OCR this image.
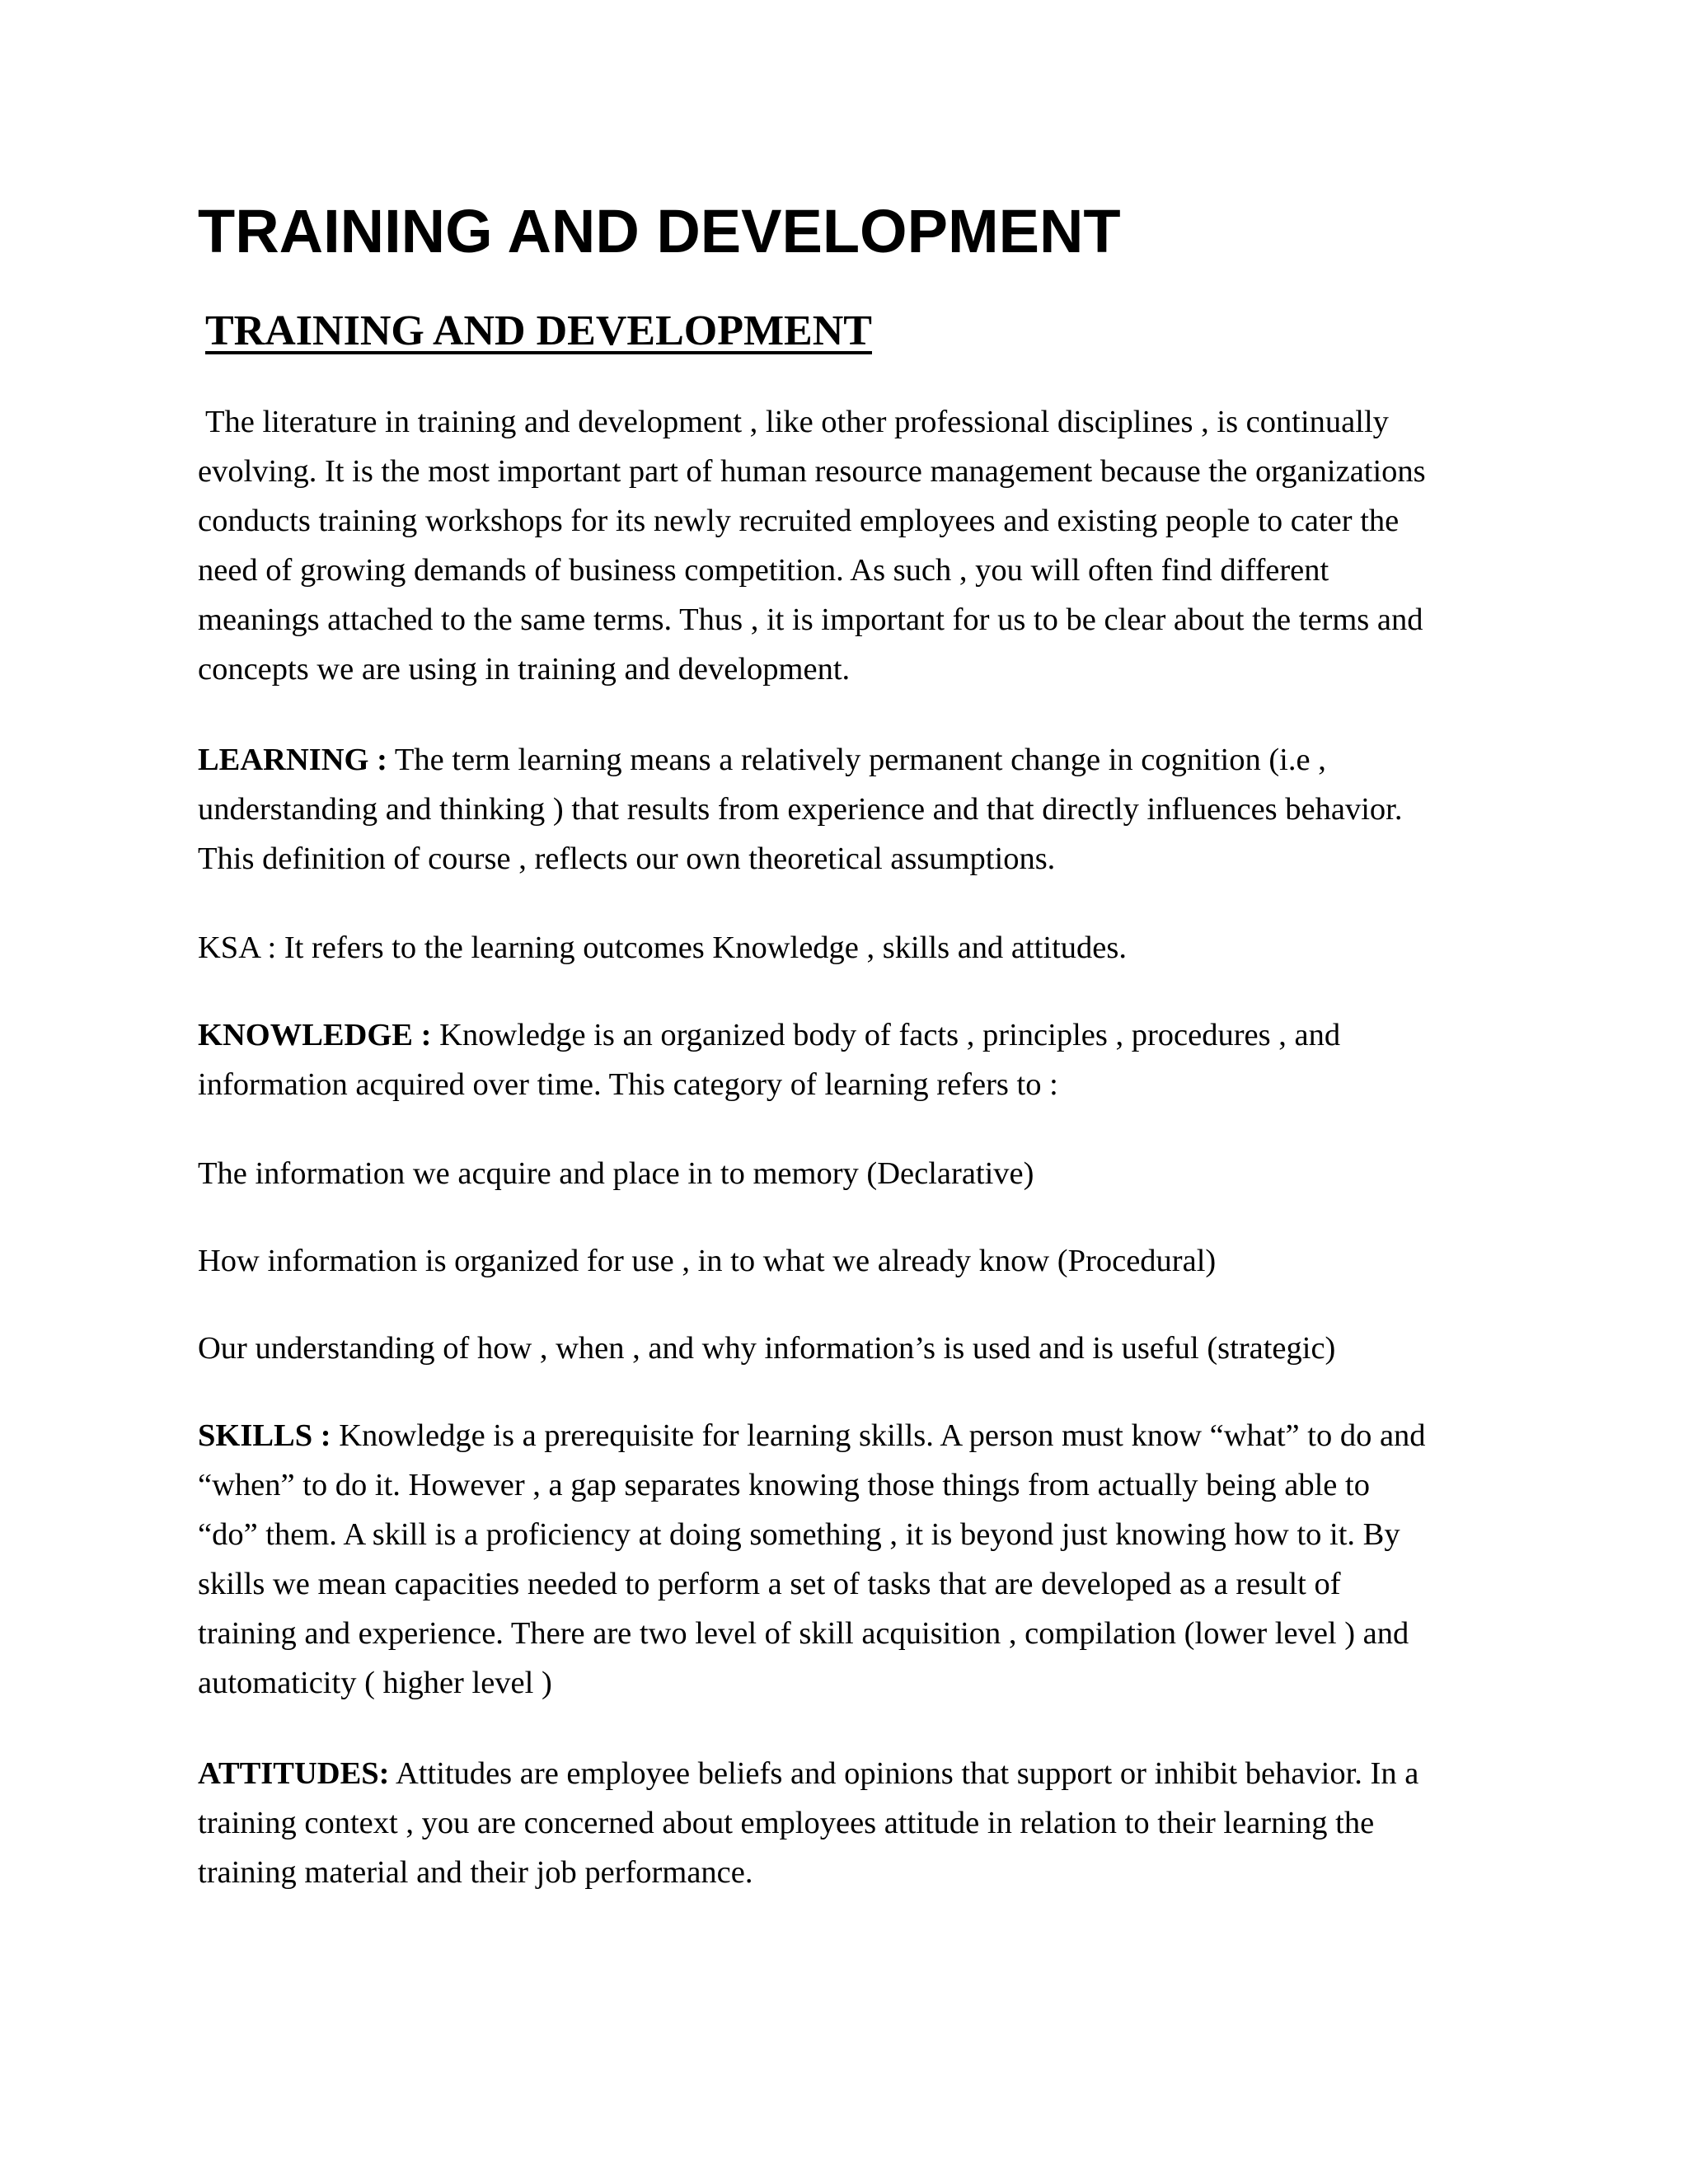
TRAINING AND DEVELOPMENT
TRAINING AND DEVELOPMENT

The literature in training and development , like other professional disciplines , is continually
evolving. It is the most important part of human resource management because the organizations
conducts training workshops for its newly recruited employees and existing people to cater the
need of growing demands of business competition. As such , you will often find different
meanings attached to the same terms. Thus , it is important for us to be clear about the terms and
concepts we are using in training and development.

LEARNING : The term learning means a relatively permanent change in cognition (i.e ,
understanding and thinking ) that results from experience and that directly influences behavior.
This definition of course , reflects our own theoretical assumptions.

KSA : It refers to the learning outcomes Knowledge , skills and attitudes.

KNOWLEDGE : Knowledge is an organized body of facts , principles , procedures , and
information acquired over time. This category of learning refers to :

The information we acquire and place in to memory (Declarative)

How information is organized for use , in to what we already know (Procedural)

Our understanding of how , when , and why information’s is used and is useful (strategic)

SKILLS : Knowledge is a prerequisite for learning skills. A person must know “what” to do and
“when” to do it. However , a gap separates knowing those things from actually being able to
“do” them. A skill is a proficiency at doing something , it is beyond just knowing how to it. By
skills we mean capacities needed to perform a set of tasks that are developed as a result of
training and experience. There are two level of skill acquisition , compilation (lower level ) and
automaticity ( higher level )

ATTITUDES: Attitudes are employee beliefs and opinions that support or inhibit behavior. In a
training context , you are concerned about employees attitude in relation to their learning the
training material and their job performance.
